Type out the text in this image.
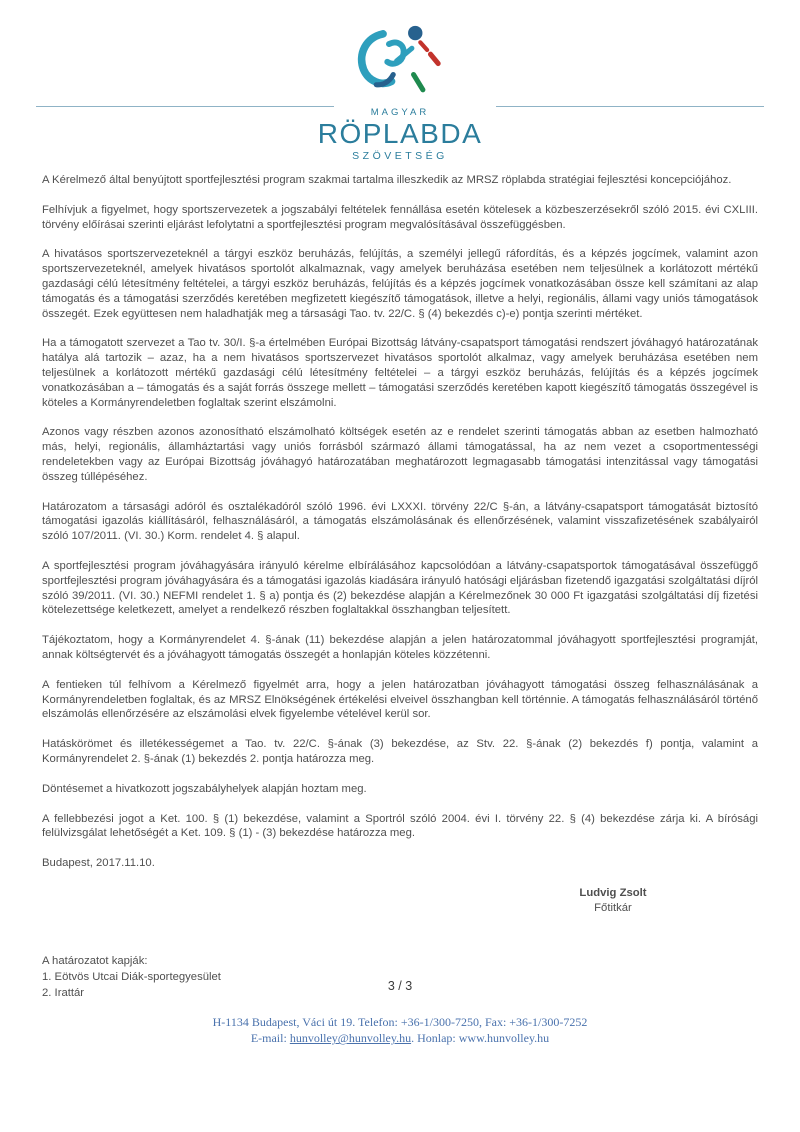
MAGYAR
RÖPLABDA
SZÖVETSÉG

A Kérelmező által benyújtott sportfejlesztési program szakmai tartalma illeszkedik az MRSZ röplabda stratégiai fejlesztési koncepciójához.

Felhívjuk a figyelmet, hogy sportszervezetek a jogszabályi feltételek fennállása esetén kötelesek a közbeszerzésekről szóló 2015. évi CXLIII. törvény előírásai szerinti eljárást lefolytatni a sportfejlesztési program megvalósításával összefüggésben.

A hivatásos sportszervezeteknél a tárgyi eszköz beruházás, felújítás, a személyi jellegű ráfordítás, és a képzés jogcímek, valamint azon sportszervezeteknél, amelyek hivatásos sportolót alkalmaznak, vagy amelyek beruházása esetében nem teljesülnek a korlátozott mértékű gazdasági célú létesítmény feltételei, a tárgyi eszköz beruházás, felújítás és a képzés jogcímek vonatkozásában össze kell számítani az alap támogatás és a támogatási szerződés keretében megfizetett kiegészítő támogatások, illetve a helyi, regionális, állami vagy uniós támogatások összegét. Ezek együttesen nem haladhatják meg a társasági Tao. tv. 22/C. § (4) bekezdés c)-e) pontja szerinti mértéket.

Ha a támogatott szervezet a Tao tv. 30/I. §-a értelmében Európai Bizottság látvány-csapatsport támogatási rendszert jóváhagyó határozatának hatálya alá tartozik – azaz, ha a nem hivatásos sportszervezet hivatásos sportolót alkalmaz, vagy amelyek beruházása esetében nem teljesülnek a korlátozott mértékű gazdasági célú létesítmény feltételei – a tárgyi eszköz beruházás, felújítás és a képzés jogcímek vonatkozásában a – támogatás és a saját forrás összege mellett – támogatási szerződés keretében kapott kiegészítő támogatás összegével is köteles a Kormányrendeletben foglaltak szerint elszámolni.

Azonos vagy részben azonos azonosítható elszámolható költségek esetén az e rendelet szerinti támogatás abban az esetben halmozható más, helyi, regionális, államháztartási vagy uniós forrásból származó állami támogatással, ha az nem vezet a csoportmentességi rendeletekben vagy az Európai Bizottság jóváhagyó határozatában meghatározott legmagasabb támogatási intenzitással vagy támogatási összeg túllépéséhez.

Határozatom a társasági adóról és osztalékadóról szóló 1996. évi LXXXI. törvény 22/C §-án, a látvány-csapatsport támogatását biztosító támogatási igazolás kiállításáról, felhasználásáról, a támogatás elszámolásának és ellenőrzésének, valamint visszafizetésének szabályairól szóló 107/2011. (VI. 30.) Korm. rendelet 4. § alapul.

A sportfejlesztési program jóváhagyására irányuló kérelme elbírálásához kapcsolódóan a látvány-csapatsportok támogatásával összefüggő sportfejlesztési program jóváhagyására és a támogatási igazolás kiadására irányuló hatósági eljárásban fizetendő igazgatási szolgáltatási díjról szóló 39/2011. (VI. 30.) NEFMI rendelet 1. § a) pontja és (2) bekezdése alapján a Kérelmezőnek 30 000 Ft igazgatási szolgáltatási díj fizetési kötelezettsége keletkezett, amelyet a rendelkező részben foglaltakkal összhangban teljesített.

Tájékoztatom, hogy a Kormányrendelet 4. §-ának (11) bekezdése alapján a jelen határozatommal jóváhagyott sportfejlesztési programját, annak költségtervét és a jóváhagyott támogatás összegét a honlapján köteles közzétenni.

A fentieken túl felhívom a Kérelmező figyelmét arra, hogy a jelen határozatban jóváhagyott támogatási összeg felhasználásának a Kormányrendeletben foglaltak, és az MRSZ Elnökségének értékelési elveivel összhangban kell történnie. A támogatás felhasználásáról történő elszámolás ellenőrzésére az elszámolási elvek figyelembe vételével kerül sor.

Hatáskörömet és illetékességemet a Tao. tv. 22/C. §-ának (3) bekezdése, az Stv. 22. §-ának (2) bekezdés f) pontja, valamint a Kormányrendelet 2. §-ának (1) bekezdés 2. pontja határozza meg.

Döntésemet a hivatkozott jogszabályhelyek alapján hoztam meg.

A fellebbezési jogot a Ket. 100. § (1) bekezdése, valamint a Sportról szóló 2004. évi I. törvény 22. § (4) bekezdése zárja ki. A bírósági felülvizsgálat lehetőségét a Ket. 109. § (1) - (3) bekezdése határozza meg.

Budapest, 2017.11.10.

Ludvig Zsolt
Főtitkár
A határozatot kapják:
1. Eötvös Utcai Diák-sportegyesület
2. Irattár	3 / 3
H-1134 Budapest, Váci út 19. Telefon: +36-1/300-7250, Fax: +36-1/300-7252
E-mail: hunvolley@hunvolley.hu. Honlap: www.hunvolley.hu
